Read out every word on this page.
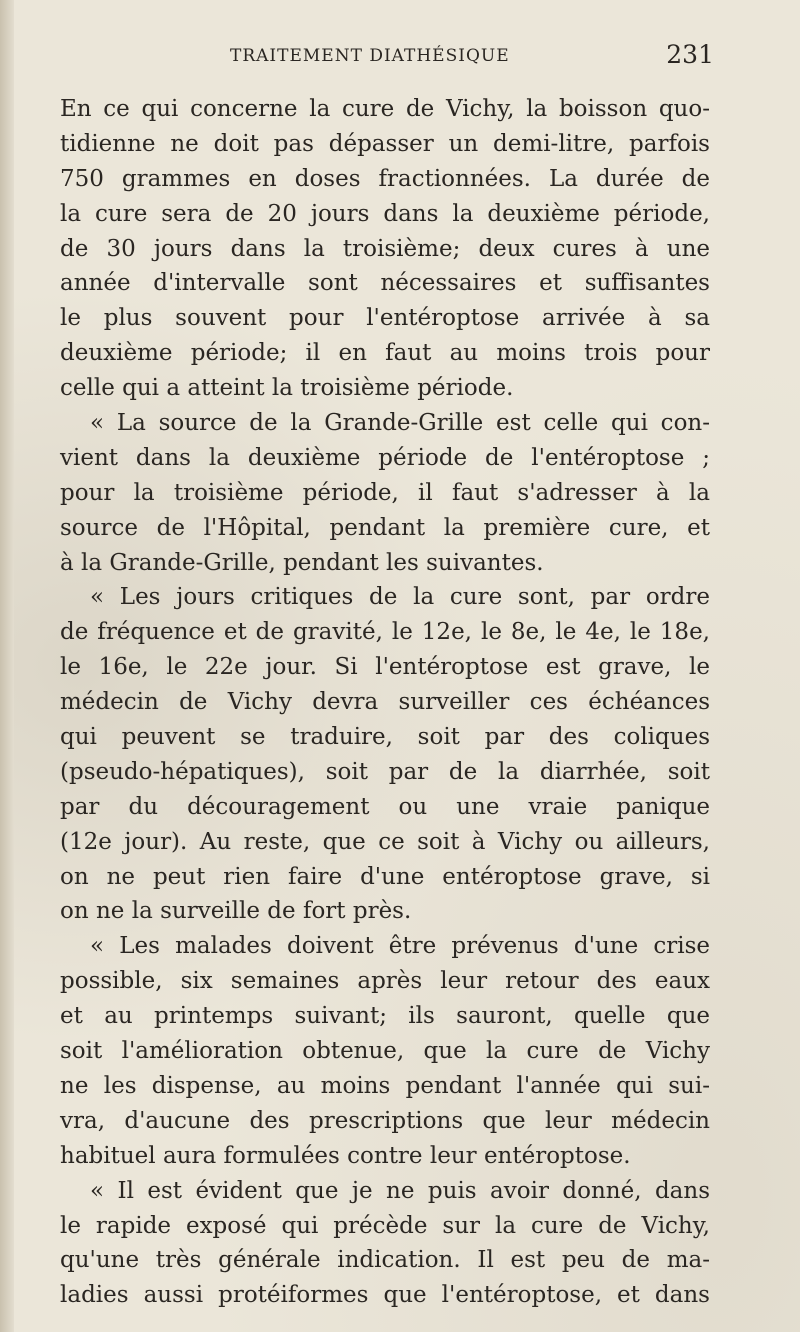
TRAITEMENT DIATHÉSIQUE	231
En ce qui concerne la cure de Vichy, la boisson quo-
tidienne ne doit pas dépasser un demi-litre, parfois
750 grammes en doses fractionnées. La durée de
la cure sera de 20 jours dans la deuxième période,
de 30 jours dans la troisième; deux cures à une
année d'intervalle sont nécessaires et suffisantes
le plus souvent pour l'entéroptose arrivée à sa
deuxième période; il en faut au moins trois pour
celle qui a atteint la troisième période.
« La source de la Grande-Grille est celle qui con-
vient dans la deuxième période de l'entéroptose ;
pour la troisième période, il faut s'adresser à la
source de l'Hôpital, pendant la première cure, et
à la Grande-Grille, pendant les suivantes.
« Les jours critiques de la cure sont, par ordre
de fréquence et de gravité, le 12e, le 8e, le 4e, le 18e,
le 16e, le 22e jour. Si l'entéroptose est grave, le
médecin de Vichy devra surveiller ces échéances
qui peuvent se traduire, soit par des coliques
(pseudo-hépatiques), soit par de la diarrhée, soit
par du découragement ou une vraie panique
(12e jour). Au reste, que ce soit à Vichy ou ailleurs,
on ne peut rien faire d'une entéroptose grave, si
on ne la surveille de fort près.
« Les malades doivent être prévenus d'une crise
possible, six semaines après leur retour des eaux
et au printemps suivant; ils sauront, quelle que
soit l'amélioration obtenue, que la cure de Vichy
ne les dispense, au moins pendant l'année qui sui-
vra, d'aucune des prescriptions que leur médecin
habituel aura formulées contre leur entéroptose.
« Il est évident que je ne puis avoir donné, dans
le rapide exposé qui précède sur la cure de Vichy,
qu'une très générale indication. Il est peu de ma-
ladies aussi protéiformes que l'entéroptose, et dans
